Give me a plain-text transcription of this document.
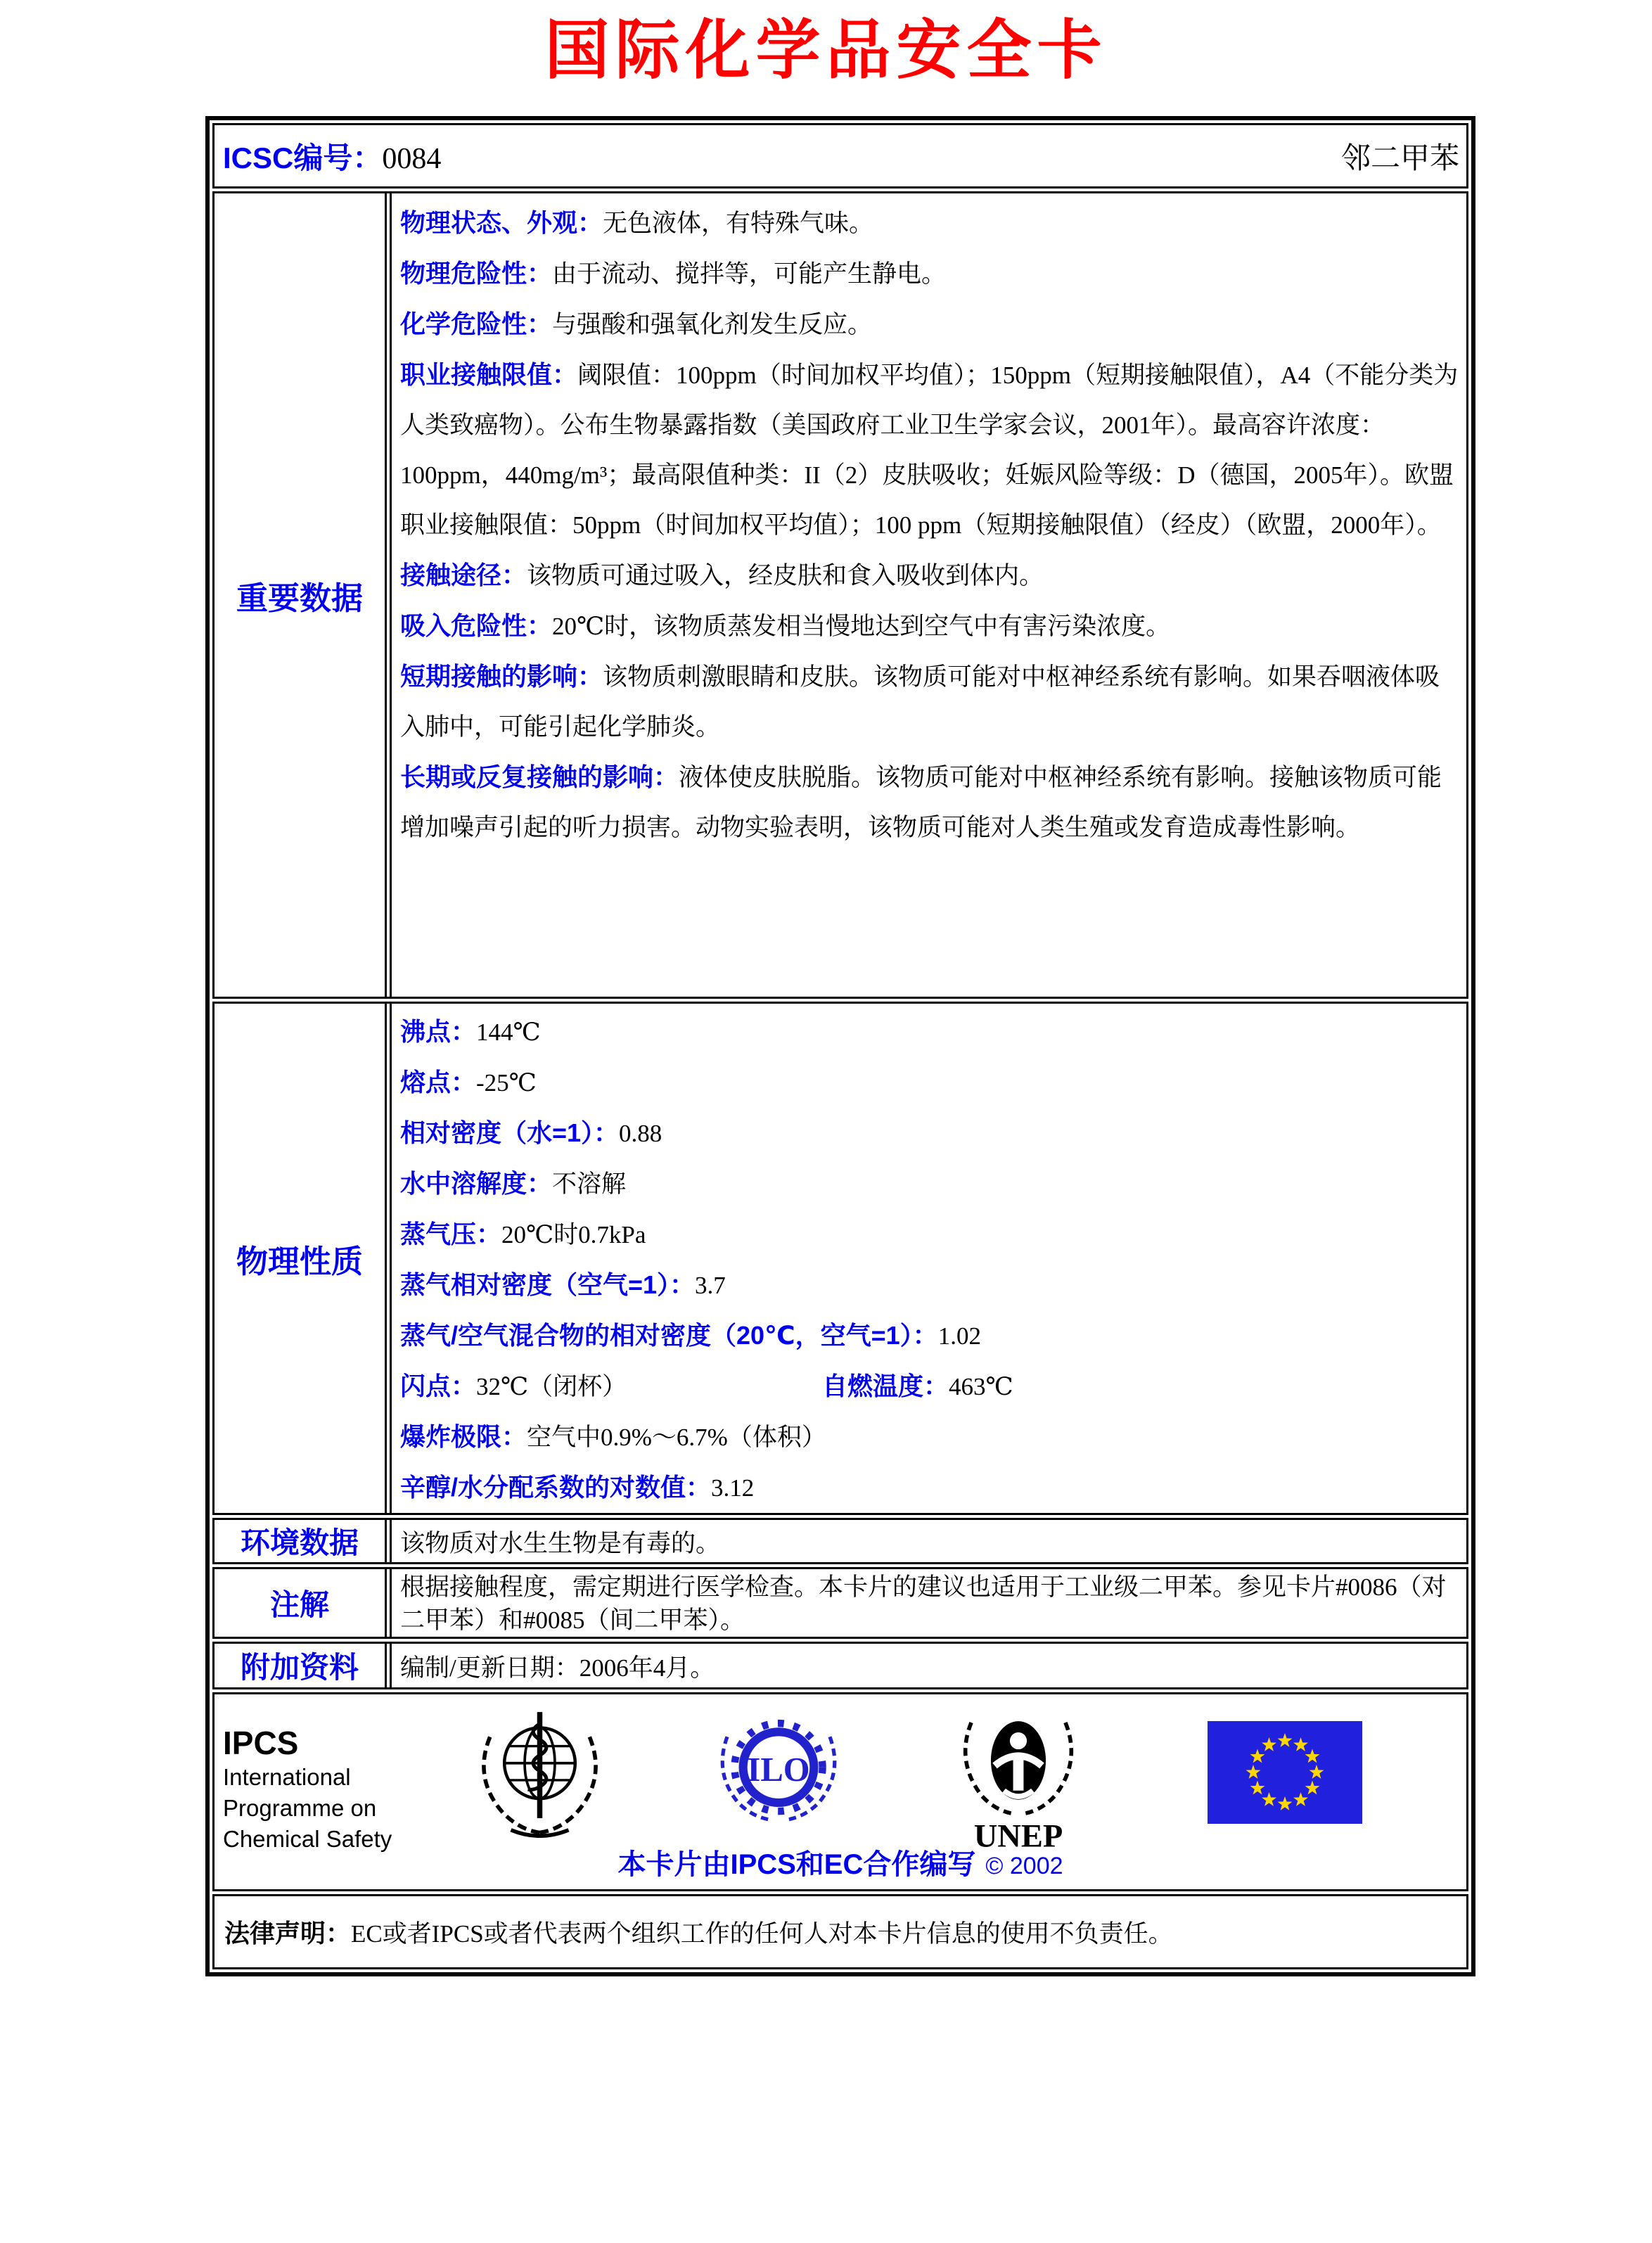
国际化学品安全卡
ICSC编号：0084	邻二甲苯
重要数据

物理状态、外观：无色液体，有特殊气味。

物理危险性：由于流动、搅拌等，可能产生静电。

化学危险性：与强酸和强氧化剂发生反应。

职业接触限值：阈限值：100ppm（时间加权平均值）；150ppm（短期接触限值），A4（不能分类为人类致癌物）。公布生物暴露指数（美国政府工业卫生学家会议，2001年）。最高容许浓度：100ppm，440mg/m³；最高限值种类：II（2）皮肤吸收；妊娠风险等级：D（德国，2005年）。欧盟职业接触限值：50ppm（时间加权平均值）；100 ppm（短期接触限值）（经皮）（欧盟，2000年）。

接触途径：该物质可通过吸入，经皮肤和食入吸收到体内。

吸入危险性：20℃时，该物质蒸发相当慢地达到空气中有害污染浓度。

短期接触的影响：该物质刺激眼睛和皮肤。该物质可能对中枢神经系统有影响。如果吞咽液体吸入肺中，可能引起化学肺炎。

长期或反复接触的影响：液体使皮肤脱脂。该物质可能对中枢神经系统有影响。接触该物质可能增加噪声引起的听力损害。动物实验表明，该物质可能对人类生殖或发育造成毒性影响。

物理性质

沸点：144℃

熔点：-25℃

相对密度（水=1）：0.88

水中溶解度：不溶解

蒸气压：20℃时0.7kPa

蒸气相对密度（空气=1）：3.7

蒸气/空气混合物的相对密度（20℃，空气=1）：1.02

闪点：32℃（闭杯）	自燃温度：463℃

爆炸极限：空气中0.9%～6.7%（体积）

辛醇/水分配系数的对数值：3.12

环境数据 该物质对水生生物是有毒的。

注解

根据接触程度，需定期进行医学检查。本卡片的建议也适用于工业级二甲苯。参见卡片#0086（对二甲苯）和#0085（间二甲苯）。

附加资料 编制/更新日期：2006年4月。

IPCS
International
Programme on
Chemical Safety
ILO
UNEP
本卡片由IPCS和EC合作编写 © 2002
法律声明： EC或者IPCS或者代表两个组织工作的任何人对本卡片信息的使用不负责任。
